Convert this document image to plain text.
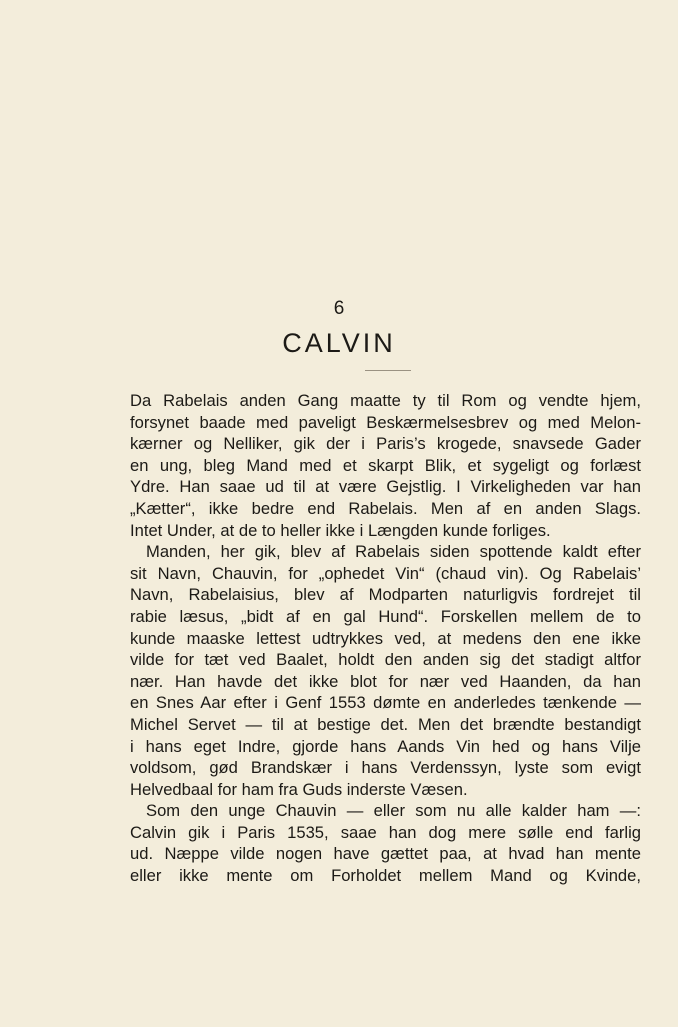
6
CALVIN
Da Rabelais anden Gang maatte ty til Rom og vendte hjem,
forsynet baade med paveligt Beskærmelsesbrev og med Melon-
kærner og Nelliker, gik der i Paris’s krogede, snavsede Gader
en ung, bleg Mand med et skarpt Blik, et sygeligt og forlæst
Ydre. Han saae ud til at være Gejstlig. I Virkeligheden var han
„Kætter“, ikke bedre end Rabelais. Men af en anden Slags.
Intet Under, at de to heller ikke i Længden kunde forliges.
Manden, her gik, blev af Rabelais siden spottende kaldt efter
sit Navn, Chauvin, for „ophedet Vin“ (chaud vin). Og Rabelais’
Navn, Rabelaisius, blev af Modparten naturligvis fordrejet til
rabie læsus, „bidt af en gal Hund“. Forskellen mellem de to
kunde maaske lettest udtrykkes ved, at medens den ene ikke
vilde for tæt ved Baalet, holdt den anden sig det stadigt altfor
nær. Han havde det ikke blot for nær ved Haanden, da han
en Snes Aar efter i Genf 1553 dømte en anderledes tænkende —
Michel Servet — til at bestige det. Men det brændte bestandigt
i hans eget Indre, gjorde hans Aands Vin hed og hans Vilje
voldsom, gød Brandskær i hans Verdenssyn, lyste som evigt
Helvedbaal for ham fra Guds inderste Væsen.
Som den unge Chauvin — eller som nu alle kalder ham —:
Calvin gik i Paris 1535, saae han dog mere sølle end farlig
ud. Næppe vilde nogen have gættet paa, at hvad han mente
eller ikke mente om Forholdet mellem Mand og Kvinde,
